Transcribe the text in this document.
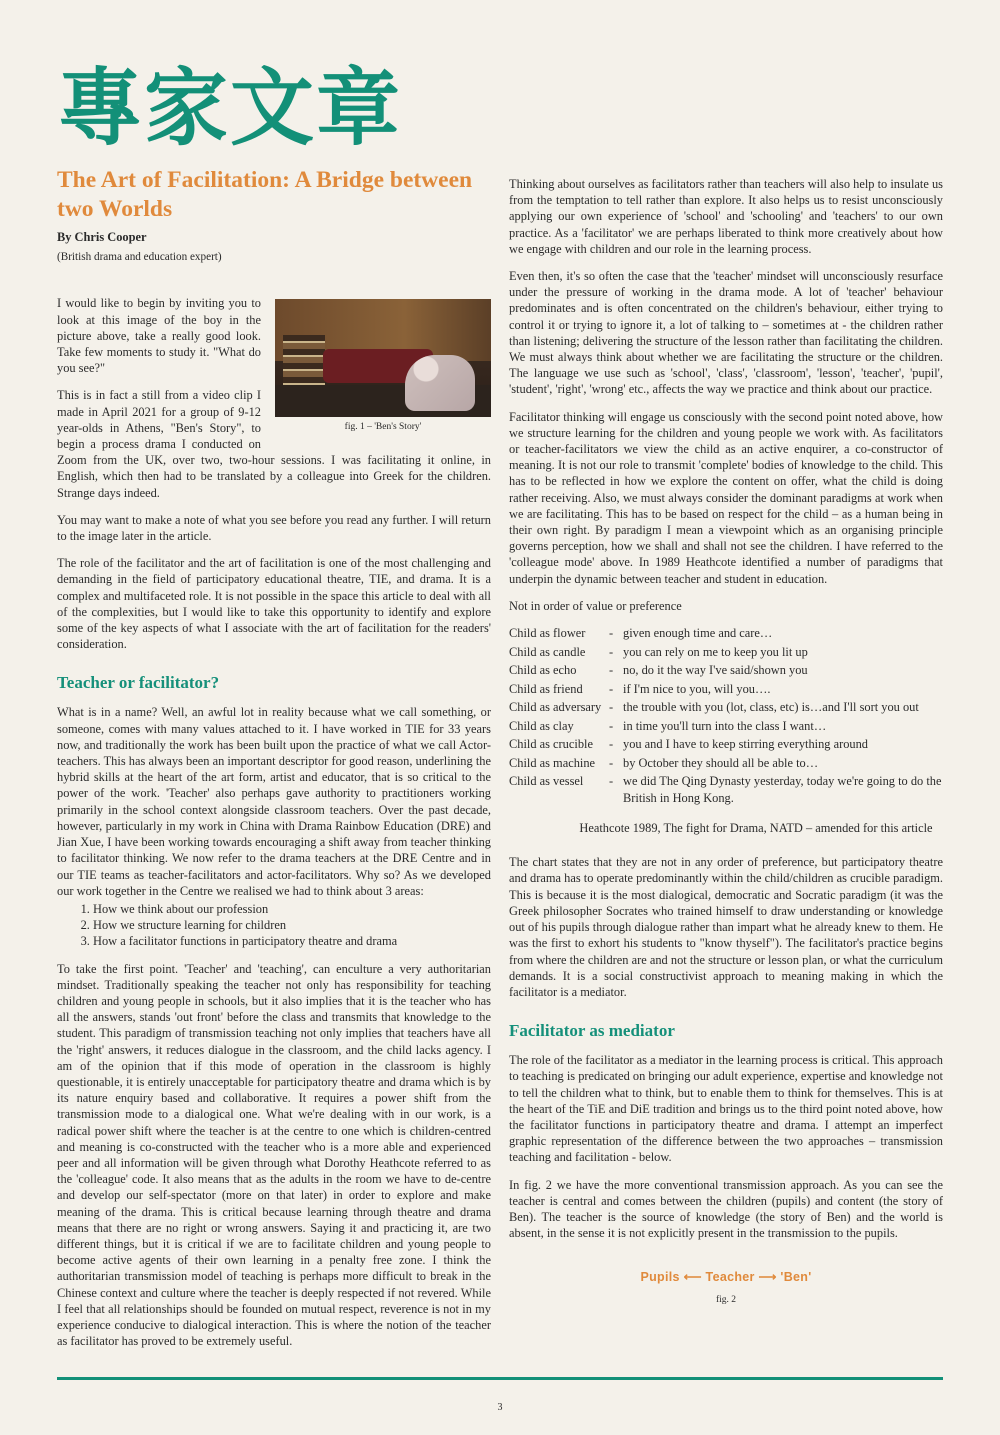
專家文章
The Art of Facilitation: A Bridge between two Worlds
By Chris Cooper
(British drama and education expert)
fig. 1 – 'Ben's Story'

I would like to begin by inviting you to look at this image of the boy in the picture above, take a really good look. Take few moments to study it. "What do you see?"

This is in fact a still from a video clip I made in April 2021 for a group of 9-12 year-olds in Athens, "Ben's Story", to begin a process drama I conducted on Zoom from the UK, over two, two-hour sessions. I was facilitating it online, in English, which then had to be translated by a colleague into Greek for the children. Strange days indeed.

You may want to make a note of what you see before you read any further. I will return to the image later in the article.

The role of the facilitator and the art of facilitation is one of the most challenging and demanding in the field of participatory educational theatre, TIE, and drama. It is a complex and multifaceted role. It is not possible in the space this article to deal with all of the complexities, but I would like to take this opportunity to identify and explore some of the key aspects of what I associate with the art of facilitation for the readers' consideration.

Teacher or facilitator?

What is in a name? Well, an awful lot in reality because what we call something, or someone, comes with many values attached to it. I have worked in TIE for 33 years now, and traditionally the work has been built upon the practice of what we call Actor-teachers. This has always been an important descriptor for good reason, underlining the hybrid skills at the heart of the art form, artist and educator, that is so critical to the power of the work. 'Teacher' also perhaps gave authority to practitioners working primarily in the school context alongside classroom teachers. Over the past decade, however, particularly in my work in China with Drama Rainbow Education (DRE) and Jian Xue, I have been working towards encouraging a shift away from teacher thinking to facilitator thinking. We now refer to the drama teachers at the DRE Centre and in our TIE teams as teacher-facilitators and actor-facilitators. Why so? As we developed our work together in the Centre we realised we had to think about 3 areas:

1. How we think about our profession
2. How we structure learning for children
3. How a facilitator functions in participatory theatre and drama

To take the first point. 'Teacher' and 'teaching', can enculture a very authoritarian mindset. Traditionally speaking the teacher not only has responsibility for teaching children and young people in schools, but it also implies that it is the teacher who has all the answers, stands 'out front' before the class and transmits that knowledge to the student. This paradigm of transmission teaching not only implies that teachers have all the 'right' answers, it reduces dialogue in the classroom, and the child lacks agency. I am of the opinion that if this mode of operation in the classroom is highly questionable, it is entirely unacceptable for participatory theatre and drama which is by its nature enquiry based and collaborative. It requires a power shift from the transmission mode to a dialogical one. What we're dealing with in our work, is a radical power shift where the teacher is at the centre to one which is children-centred and meaning is co-constructed with the teacher who is a more able and experienced peer and all information will be given through what Dorothy Heathcote referred to as the 'colleague' code. It also means that as the adults in the room we have to de-centre and develop our self-spectator (more on that later) in order to explore and make meaning of the drama. This is critical because learning through theatre and drama means that there are no right or wrong answers. Saying it and practicing it, are two different things, but it is critical if we are to facilitate children and young people to become active agents of their own learning in a penalty free zone. I think the authoritarian transmission model of teaching is perhaps more difficult to break in the Chinese context and culture where the teacher is deeply respected if not revered. While I feel that all relationships should be founded on mutual respect, reverence is not in my experience conducive to dialogical interaction. This is where the notion of the teacher as facilitator has proved to be extremely useful.

Thinking about ourselves as facilitators rather than teachers will also help to insulate us from the temptation to tell rather than explore. It also helps us to resist unconsciously applying our own experience of 'school' and 'schooling' and 'teachers' to our own practice. As a 'facilitator' we are perhaps liberated to think more creatively about how we engage with children and our role in the learning process.

Even then, it's so often the case that the 'teacher' mindset will unconsciously resurface under the pressure of working in the drama mode. A lot of 'teacher' behaviour predominates and is often concentrated on the children's behaviour, either trying to control it or trying to ignore it, a lot of talking to – sometimes at - the children rather than listening; delivering the structure of the lesson rather than facilitating the children. We must always think about whether we are facilitating the structure or the children. The language we use such as 'school', 'class', 'classroom', 'lesson', 'teacher', 'pupil', 'student', 'right', 'wrong' etc., affects the way we practice and think about our practice.

Facilitator thinking will engage us consciously with the second point noted above, how we structure learning for the children and young people we work with. As facilitators or teacher-facilitators we view the child as an active enquirer, a co-constructor of meaning. It is not our role to transmit 'complete' bodies of knowledge to the child. This has to be reflected in how we explore the content on offer, what the child is doing rather receiving. Also, we must always consider the dominant paradigms at work when we are facilitating. This has to be based on respect for the child – as a human being in their own right. By paradigm I mean a viewpoint which as an organising principle governs perception, how we shall and shall not see the children. I have referred to the 'colleague mode' above. In 1989 Heathcote identified a number of paradigms that underpin the dynamic between teacher and student in education.

Not in order of value or preference

Child as flower	- given enough time and care…
Child as candle	- you can rely on me to keep you lit up
Child as echo	- no, do it the way I've said/shown you
Child as friend	- if I'm nice to you, will you….
Child as adversary - the trouble with you (lot, class, etc) is…and I'll sort you out
Child as clay	- in time you'll turn into the class I want…
Child as crucible	- you and I have to keep stirring everything around
Child as machine	- by October they should all be able to…
Child as vessel	- we did The Qing Dynasty yesterday, today we're going to do the British in Hong Kong.
Heathcote 1989, The fight for Drama, NATD – amended for this article

The chart states that they are not in any order of preference, but participatory theatre and drama has to operate predominantly within the child/children as crucible paradigm. This is because it is the most dialogical, democratic and Socratic paradigm (it was the Greek philosopher Socrates who trained himself to draw understanding or knowledge out of his pupils through dialogue rather than impart what he already knew to them. He was the first to exhort his students to "know thyself"). The facilitator's practice begins from where the children are and not the structure or lesson plan, or what the curriculum demands. It is a social constructivist approach to meaning making in which the facilitator is a mediator.

Facilitator as mediator

The role of the facilitator as a mediator in the learning process is critical. This approach to teaching is predicated on bringing our adult experience, expertise and knowledge not to tell the children what to think, but to enable them to think for themselves. This is at the heart of the TiE and DiE tradition and brings us to the third point noted above, how the facilitator functions in participatory theatre and drama. I attempt an imperfect graphic representation of the difference between the two approaches – transmission teaching and facilitation - below.

In fig. 2 we have the more conventional transmission approach. As you can see the teacher is central and comes between the children (pupils) and content (the story of Ben). The teacher is the source of knowledge (the story of Ben) and the world is absent, in the sense it is not explicitly present in the transmission to the pupils.

Pupils ⟵ Teacher ⟶ 'Ben'
fig. 2
3
